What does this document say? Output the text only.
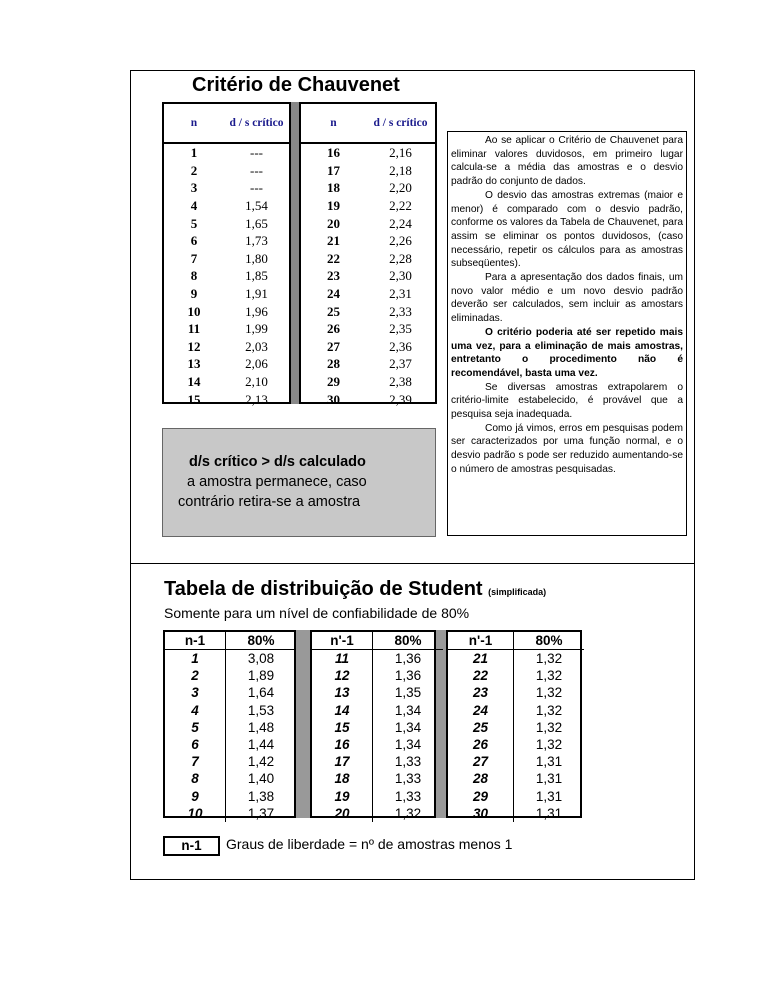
Critério de Chauvenet
n	d / s crítico
1	---
2	---
3	---
4	1,54
5	1,65
6	1,73
7	1,80
8	1,85
9	1,91
10	1,96
11	1,99
12	2,03
13	2,06
14	2,10
15	2,13
n	d / s crítico
16	2,16
17	2,18
18	2,20
19	2,22
20	2,24
21	2,26
22	2,28
23	2,30
24	2,31
25	2,33
26	2,35
27	2,36
28	2,37
29	2,38
30	2,39

Ao se aplicar o Critério de Chauvenet para eliminar valores duvidosos, em primeiro lugar calcula-se a média das amostras e o desvio padrão do conjunto de dados.

O desvio das amostras extremas (maior e menor) é comparado com o desvio padrão, conforme os valores da Tabela de Chauvenet, para assim se eliminar os pontos duvidosos, (caso necessário, repetir os cálculos para as amostras subseqüentes).

Para a apresentação dos dados finais, um novo valor médio e um novo desvio padrão deverão ser calculados, sem incluir as amostars eliminadas.

O critério poderia até ser repetido mais uma vez, para a eliminação de mais amostras, entretanto o procedimento não é recomendável, basta uma vez.

Se diversas amostras extrapolarem o critério-limite estabelecido, é provável que a pesquisa seja inadequada.

Como já vimos, erros em pesquisas podem ser caracterizados por uma função normal, e o desvio padrão s pode ser reduzido aumentando-se o número de amostras pesquisadas.

d/s crítico > d/s calculado
a amostra permanece, caso
contrário retira-se a amostra
Tabela de distribuição de Student (simplificada)
Somente para um nível de confiabilidade de 80%
n-1	80%
1	3,08
2	1,89
3	1,64
4	1,53
5	1,48
6	1,44
7	1,42
8	1,40
9	1,38
10	1,37
n'-1	80%
11	1,36
12	1,36
13	1,35
14	1,34
15	1,34
16	1,34
17	1,33
18	1,33
19	1,33
20	1,32
n'-1	80%
21	1,32
22	1,32
23	1,32
24	1,32
25	1,32
26	1,32
27	1,31
28	1,31
29	1,31
30	1,31
n-1	Graus de liberdade = nº de amostras menos 1
